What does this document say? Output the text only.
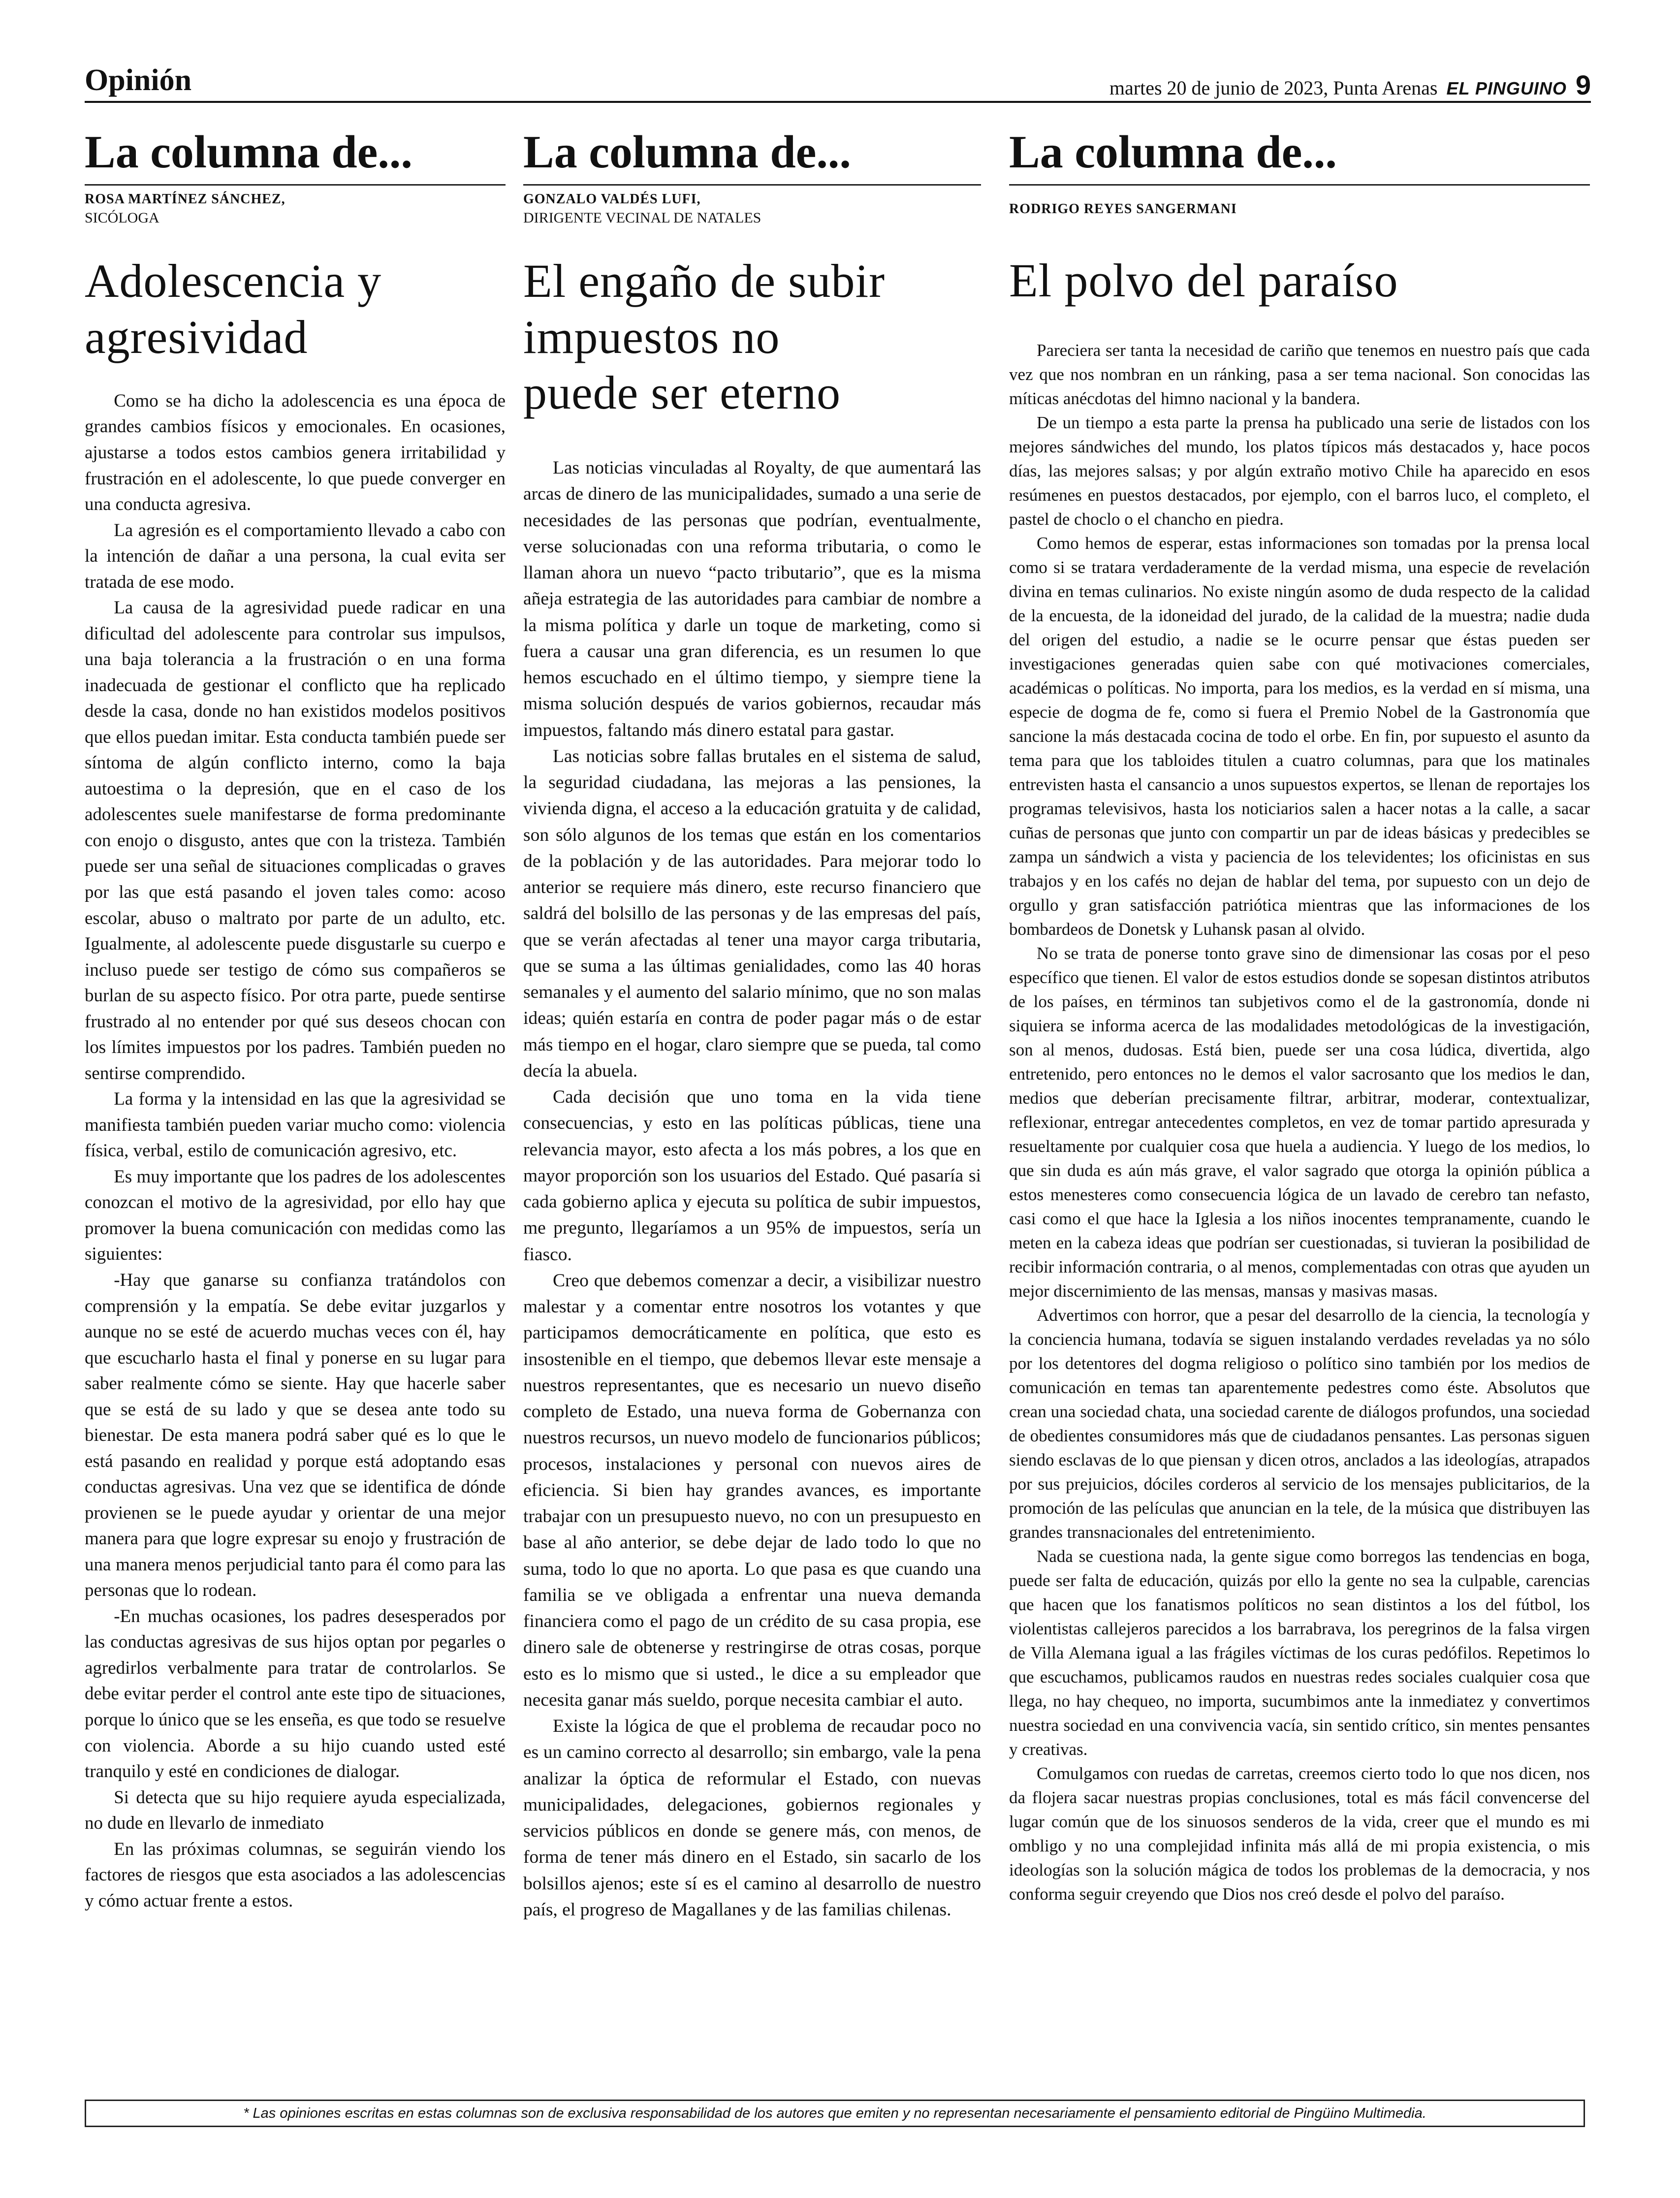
Opinión	martes 20 de junio de 2023, Punta Arenas EL PINGUINO 9
La columna de...
ROSA MARTÍNEZ SÁNCHEZ,
SICÓLOGA
Adolescencia y
agresividad

Como se ha dicho la adolescencia es una época de grandes cambios físicos y emocionales. En ocasiones, ajustarse a todos estos cambios genera irritabilidad y frustración en el adolescente, lo que puede converger en una conducta agresiva.

La agresión es el comportamiento llevado a cabo con la intención de dañar a una persona, la cual evita ser tratada de ese modo.

La causa de la agresividad puede radicar en una dificultad del adolescente para controlar sus impulsos, una baja tolerancia a la frustración o en una forma inadecuada de gestionar el conflicto que ha replicado desde la casa, donde no han existidos modelos positivos que ellos puedan imitar. Esta conducta también puede ser síntoma de algún conflicto interno, como la baja autoestima o la depresión, que en el caso de los adolescentes suele manifestarse de forma predominante con enojo o disgusto, antes que con la tristeza. También puede ser una señal de situaciones complicadas o graves por las que está pasando el joven tales como: acoso escolar, abuso o maltrato por parte de un adulto, etc. Igualmente, al adolescente puede disgustarle su cuerpo e incluso puede ser testigo de cómo sus compañeros se burlan de su aspecto físico. Por otra parte, puede sentirse frustrado al no entender por qué sus deseos chocan con los límites impuestos por los padres. También pueden no sentirse comprendido.

La forma y la intensidad en las que la agresividad se manifiesta también pueden variar mucho como: violencia física, verbal, estilo de comunicación agresivo, etc.

Es muy importante que los padres de los adolescentes conozcan el motivo de la agresividad, por ello hay que promover la buena comunicación con medidas como las siguientes:

-Hay que ganarse su confianza tratándolos con comprensión y la empatía. Se debe evitar juzgarlos y aunque no se esté de acuerdo muchas veces con él, hay que escucharlo hasta el final y ponerse en su lugar para saber realmente cómo se siente. Hay que hacerle saber que se está de su lado y que se desea ante todo su bienestar. De esta manera podrá saber qué es lo que le está pasando en realidad y porque está adoptando esas conductas agresivas. Una vez que se identifica de dónde provienen se le puede ayudar y orientar de una mejor manera para que logre expresar su enojo y frustración de una manera menos perjudicial tanto para él como para las personas que lo rodean.

-En muchas ocasiones, los padres desesperados por las conductas agresivas de sus hijos optan por pegarles o agredirlos verbalmente para tratar de controlarlos. Se debe evitar perder el control ante este tipo de situaciones, porque lo único que se les enseña, es que todo se resuelve con violencia. Aborde a su hijo cuando usted esté tranquilo y esté en condiciones de dialogar.

Si detecta que su hijo requiere ayuda especializada, no dude en llevarlo de inmediato

En las próximas columnas, se seguirán viendo los factores de riesgos que esta asociados a las adolescencias y cómo actuar frente a estos.

La columna de...
GONZALO VALDÉS LUFI,
DIRIGENTE VECINAL DE NATALES
El engaño de subir
impuestos no
puede ser eterno

Las noticias vinculadas al Royalty, de que aumentará las arcas de dinero de las municipalidades, sumado a una serie de necesidades de las personas que podrían, eventualmente, verse solucionadas con una reforma tributaria, o como le llaman ahora un nuevo “pacto tributario”, que es la misma añeja estrategia de las autoridades para cambiar de nombre a la misma política y darle un toque de marketing, como si fuera a causar una gran diferencia, es un resumen lo que hemos escuchado en el último tiempo, y siempre tiene la misma solución después de varios gobiernos, recaudar más impuestos, faltando más dinero estatal para gastar.

Las noticias sobre fallas brutales en el sistema de salud, la seguridad ciudadana, las mejoras a las pensiones, la vivienda digna, el acceso a la educación gratuita y de calidad, son sólo algunos de los temas que están en los comentarios de la población y de las autoridades. Para mejorar todo lo anterior se requiere más dinero, este recurso financiero que saldrá del bolsillo de las personas y de las empresas del país, que se verán afectadas al tener una mayor carga tributaria, que se suma a las últimas genialidades, como las 40 horas semanales y el aumento del salario mínimo, que no son malas ideas; quién estaría en contra de poder pagar más o de estar más tiempo en el hogar, claro siempre que se pueda, tal como decía la abuela.

Cada decisión que uno toma en la vida tiene consecuencias, y esto en las políticas públicas, tiene una relevancia mayor, esto afecta a los más pobres, a los que en mayor proporción son los usuarios del Estado. Qué pasaría si cada gobierno aplica y ejecuta su política de subir impuestos, me pregunto, llegaríamos a un 95% de impuestos, sería un fiasco.

Creo que debemos comenzar a decir, a visibilizar nuestro malestar y a comentar entre nosotros los votantes y que participamos democráticamente en política, que esto es insostenible en el tiempo, que debemos llevar este mensaje a nuestros representantes, que es necesario un nuevo diseño completo de Estado, una nueva forma de Gobernanza con nuestros recursos, un nuevo modelo de funcionarios públicos; procesos, instalaciones y personal con nuevos aires de eficiencia. Si bien hay grandes avances, es importante trabajar con un presupuesto nuevo, no con un presupuesto en base al año anterior, se debe dejar de lado todo lo que no suma, todo lo que no aporta. Lo que pasa es que cuando una familia se ve obligada a enfrentar una nueva demanda financiera como el pago de un crédito de su casa propia, ese dinero sale de obtenerse y restringirse de otras cosas, porque esto es lo mismo que si usted., le dice a su empleador que necesita ganar más sueldo, porque necesita cambiar el auto.

Existe la lógica de que el problema de recaudar poco no es un camino correcto al desarrollo; sin embargo, vale la pena analizar la óptica de reformular el Estado, con nuevas municipalidades, delegaciones, gobiernos regionales y servicios públicos en donde se genere más, con menos, de forma de tener más dinero en el Estado, sin sacarlo de los bolsillos ajenos; este sí es el camino al desarrollo de nuestro país, el progreso de Magallanes y de las familias chilenas.

La columna de...
RODRIGO REYES SANGERMANI
El polvo del paraíso

Pareciera ser tanta la necesidad de cariño que tenemos en nuestro país que cada vez que nos nombran en un ránking, pasa a ser tema nacional. Son conocidas las míticas anécdotas del himno nacional y la bandera.

De un tiempo a esta parte la prensa ha publicado una serie de listados con los mejores sándwiches del mundo, los platos típicos más destacados y, hace pocos días, las mejores salsas; y por algún extraño motivo Chile ha aparecido en esos resúmenes en puestos destacados, por ejemplo, con el barros luco, el completo, el pastel de choclo o el chancho en piedra.

Como hemos de esperar, estas informaciones son tomadas por la prensa local como si se tratara verdaderamente de la verdad misma, una especie de revelación divina en temas culinarios. No existe ningún asomo de duda respecto de la calidad de la encuesta, de la idoneidad del jurado, de la calidad de la muestra; nadie duda del origen del estudio, a nadie se le ocurre pensar que éstas pueden ser investigaciones generadas quien sabe con qué motivaciones comerciales, académicas o políticas. No importa, para los medios, es la verdad en sí misma, una especie de dogma de fe, como si fuera el Premio Nobel de la Gastronomía que sancione la más destacada cocina de todo el orbe. En fin, por supuesto el asunto da tema para que los tabloides titulen a cuatro columnas, para que los matinales entrevisten hasta el cansancio a unos supuestos expertos, se llenan de reportajes los programas televisivos, hasta los noticiarios salen a hacer notas a la calle, a sacar cuñas de personas que junto con compartir un par de ideas básicas y predecibles se zampa un sándwich a vista y paciencia de los televidentes; los oficinistas en sus trabajos y en los cafés no dejan de hablar del tema, por supuesto con un dejo de orgullo y gran satisfacción patriótica mientras que las informaciones de los bombardeos de Donetsk y Luhansk pasan al olvido.

No se trata de ponerse tonto grave sino de dimensionar las cosas por el peso específico que tienen. El valor de estos estudios donde se sopesan distintos atributos de los países, en términos tan subjetivos como el de la gastronomía, donde ni siquiera se informa acerca de las modalidades metodológicas de la investigación, son al menos, dudosas. Está bien, puede ser una cosa lúdica, divertida, algo entretenido, pero entonces no le demos el valor sacrosanto que los medios le dan, medios que deberían precisamente filtrar, arbitrar, moderar, contextualizar, reflexionar, entregar antecedentes completos, en vez de tomar partido apresurada y resueltamente por cualquier cosa que huela a audiencia. Y luego de los medios, lo que sin duda es aún más grave, el valor sagrado que otorga la opinión pública a estos menesteres como consecuencia lógica de un lavado de cerebro tan nefasto, casi como el que hace la Iglesia a los niños inocentes tempranamente, cuando le meten en la cabeza ideas que podrían ser cuestionadas, si tuvieran la posibilidad de recibir información contraria, o al menos, complementadas con otras que ayuden un mejor discernimiento de las mensas, mansas y masivas masas.

Advertimos con horror, que a pesar del desarrollo de la ciencia, la tecnología y la conciencia humana, todavía se siguen instalando verdades reveladas ya no sólo por los detentores del dogma religioso o político sino también por los medios de comunicación en temas tan aparentemente pedestres como éste. Absolutos que crean una sociedad chata, una sociedad carente de diálogos profundos, una sociedad de obedientes consumidores más que de ciudadanos pensantes. Las personas siguen siendo esclavas de lo que piensan y dicen otros, anclados a las ideologías, atrapados por sus prejuicios, dóciles corderos al servicio de los mensajes publicitarios, de la promoción de las películas que anuncian en la tele, de la música que distribuyen las grandes transnacionales del entretenimiento.

Nada se cuestiona nada, la gente sigue como borregos las tendencias en boga, puede ser falta de educación, quizás por ello la gente no sea la culpable, carencias que hacen que los fanatismos políticos no sean distintos a los del fútbol, los violentistas callejeros parecidos a los barrabrava, los peregrinos de la falsa virgen de Villa Alemana igual a las frágiles víctimas de los curas pedófilos. Repetimos lo que escuchamos, publicamos raudos en nuestras redes sociales cualquier cosa que llega, no hay chequeo, no importa, sucumbimos ante la inmediatez y convertimos nuestra sociedad en una convivencia vacía, sin sentido crítico, sin mentes pensantes y creativas.

Comulgamos con ruedas de carretas, creemos cierto todo lo que nos dicen, nos da flojera sacar nuestras propias conclusiones, total es más fácil convencerse del lugar común que de los sinuosos senderos de la vida, creer que el mundo es mi ombligo y no una complejidad infinita más allá de mi propia existencia, o mis ideologías son la solución mágica de todos los problemas de la democracia, y nos conforma seguir creyendo que Dios nos creó desde el polvo del paraíso.

* Las opiniones escritas en estas columnas son de exclusiva responsabilidad de los autores que emiten y no representan necesariamente el pensamiento editorial de Pingüino Multimedia.
